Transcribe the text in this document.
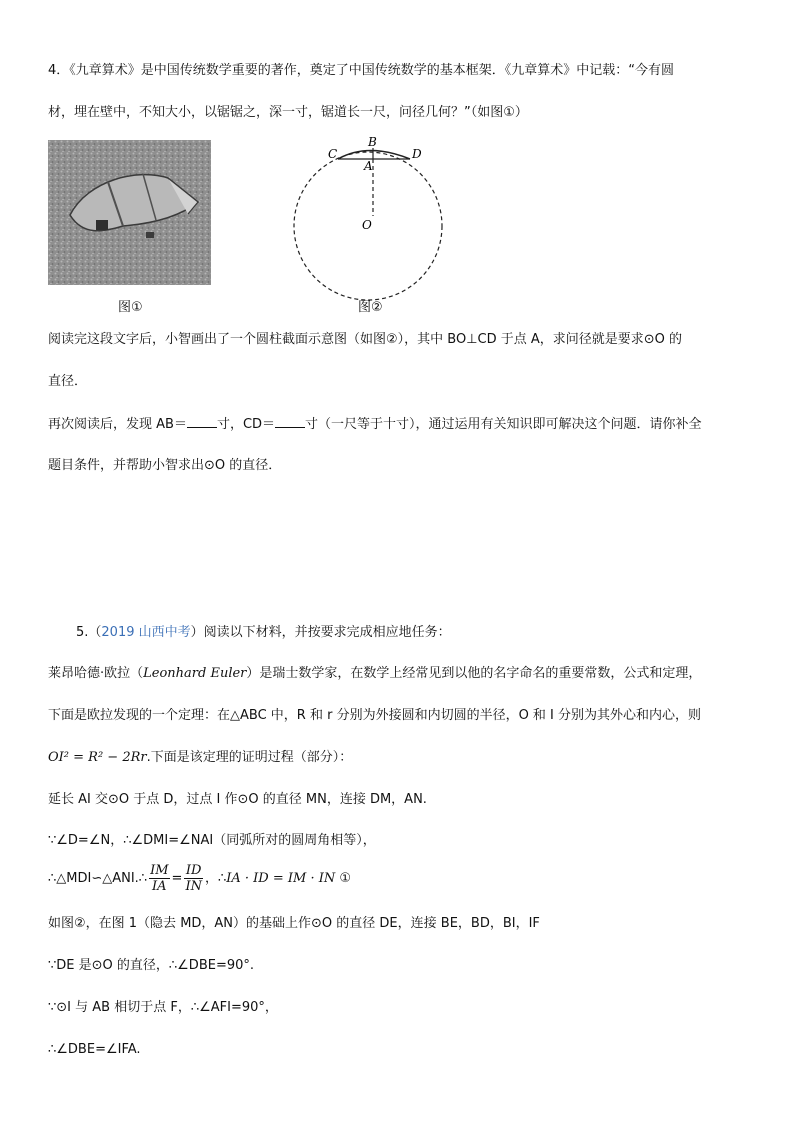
4．《九章算术》是中国传统数学重要的著作，奠定了中国传统数学的基本框架．《九章算术》中记载：“今有圆
材，埋在壁中，不知大小，以锯锯之，深一寸，锯道长一尺，问径几何？”（如图①）
图①
B
C	D
A
O
图②
阅读完这段文字后，小智画出了一个圆柱截面示意图（如图②），其中 BO⊥CD 于点 A，求问径就是要求⊙O 的
直径．
再次阅读后，发现 AB＝ 寸，CD＝ 寸（一尺等于十寸），通过运用有关知识即可解决这个问题．请你补全
题目条件，并帮助小智求出⊙O 的直径．
5.（2019 山西中考）阅读以下材料，并按要求完成相应地任务：
莱昂哈德·欧拉（Leonhard Euler）是瑞士数学家，在数学上经常见到以他的名字命名的重要常数，公式和定理，
下面是欧拉发现的一个定理：在△ABC 中，R 和 r 分别为外接圆和内切圆的半径，O 和 I 分别为其外心和内心，则
OI² = R² − 2Rr.下面是该定理的证明过程（部分）：
延长 AI 交⊙O 于点 D，过点 I 作⊙O 的直径 MN，连接 DM，AN.
∵∠D=∠N，∴∠DMI=∠NAI（同弧所对的圆周角相等），
∴△MDI∽△ANI.∴ $\frac{IM}{IA} = \frac{ID}{IN}$ ，∴IA · ID = IM · IN ①
如图②，在图 1（隐去 MD，AN）的基础上作⊙O 的直径 DE，连接 BE，BD，BI，IF
∵DE 是⊙O 的直径，∴∠DBE=90°.
∵⊙I 与 AB 相切于点 F，∴∠AFI=90°，
∴∠DBE=∠IFA.
